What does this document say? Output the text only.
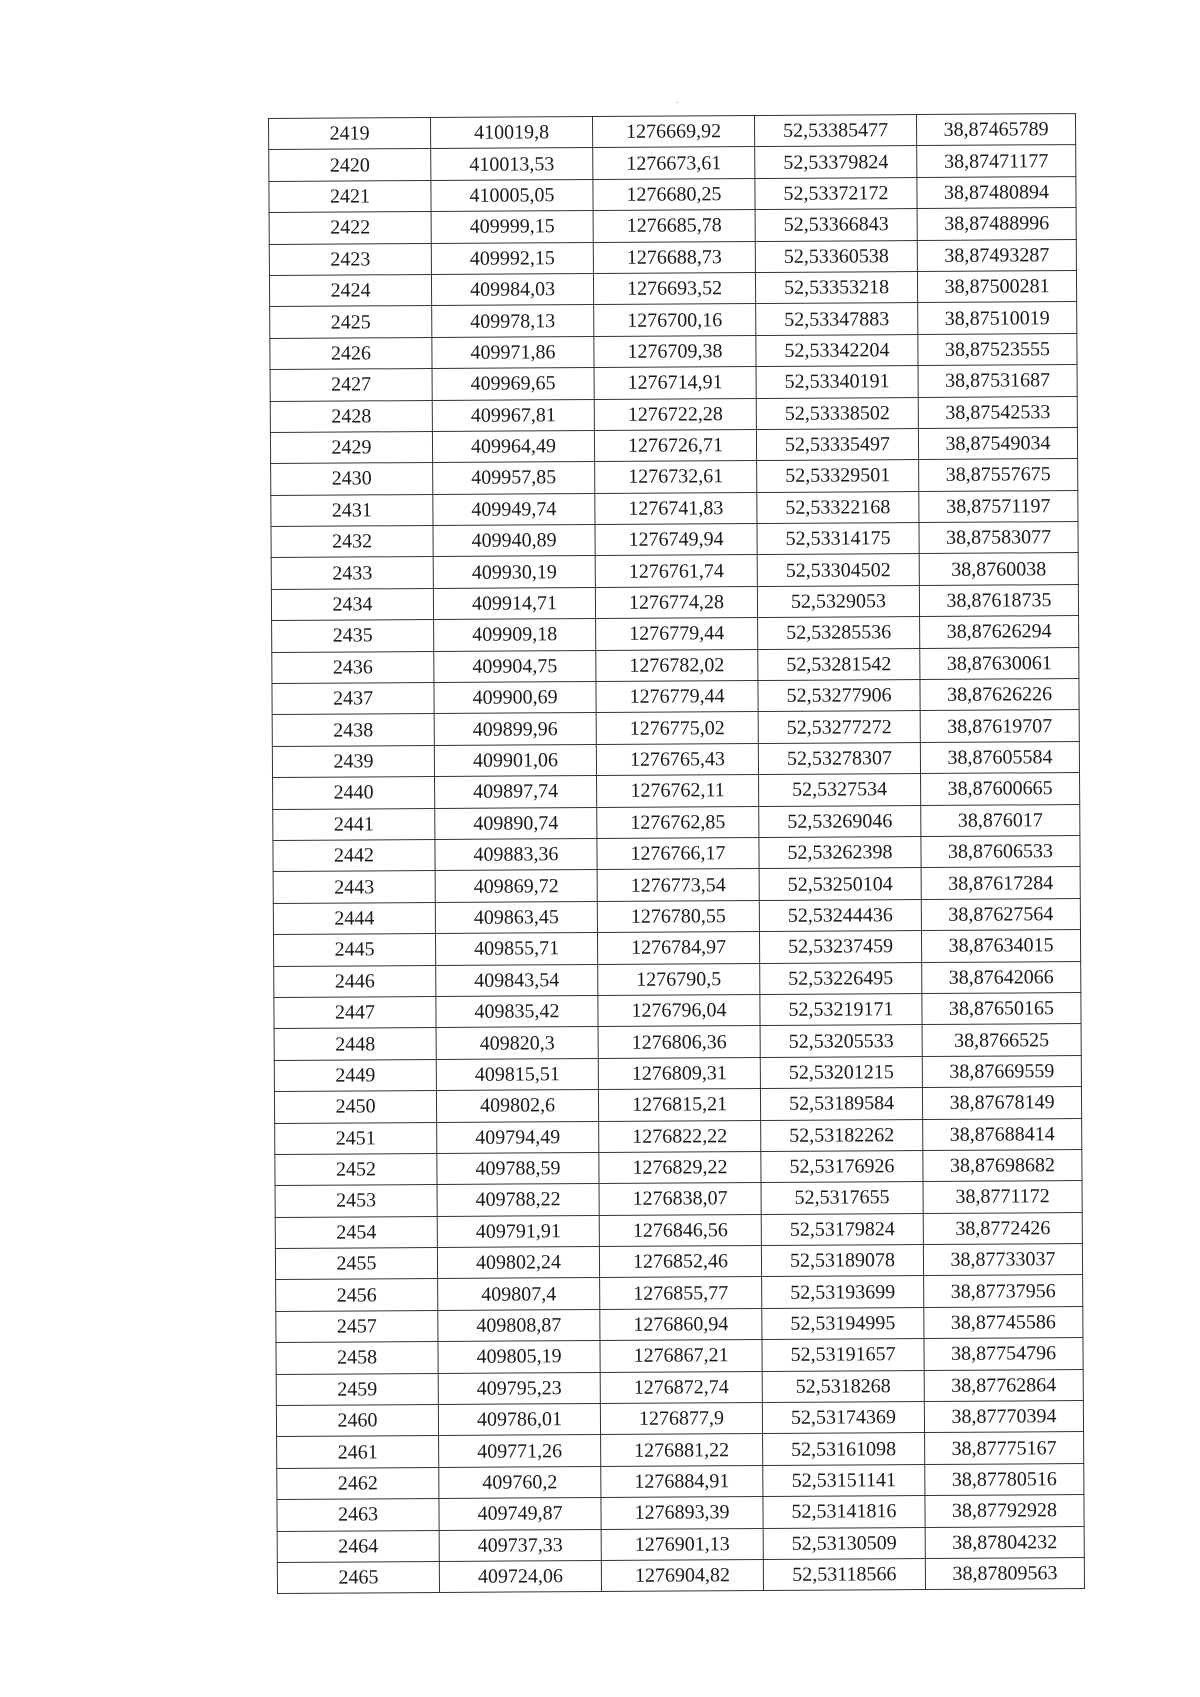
2419	410019,8	1276669,92	52,53385477	38,87465789
2420	410013,53	1276673,61	52,53379824	38,87471177
2421	410005,05	1276680,25	52,53372172	38,87480894
2422	409999,15	1276685,78	52,53366843	38,87488996
2423	409992,15	1276688,73	52,53360538	38,87493287
2424	409984,03	1276693,52	52,53353218	38,87500281
2425	409978,13	1276700,16	52,53347883	38,87510019
2426	409971,86	1276709,38	52,53342204	38,87523555
2427	409969,65	1276714,91	52,53340191	38,87531687
2428	409967,81	1276722,28	52,53338502	38,87542533
2429	409964,49	1276726,71	52,53335497	38,87549034
2430	409957,85	1276732,61	52,53329501	38,87557675
2431	409949,74	1276741,83	52,53322168	38,87571197
2432	409940,89	1276749,94	52,53314175	38,87583077
2433	409930,19	1276761,74	52,53304502	38,8760038
2434	409914,71	1276774,28	52,5329053	38,87618735
2435	409909,18	1276779,44	52,53285536	38,87626294
2436	409904,75	1276782,02	52,53281542	38,87630061
2437	409900,69	1276779,44	52,53277906	38,87626226
2438	409899,96	1276775,02	52,53277272	38,87619707
2439	409901,06	1276765,43	52,53278307	38,87605584
2440	409897,74	1276762,11	52,5327534	38,87600665
2441	409890,74	1276762,85	52,53269046	38,876017
2442	409883,36	1276766,17	52,53262398	38,87606533
2443	409869,72	1276773,54	52,53250104	38,87617284
2444	409863,45	1276780,55	52,53244436	38,87627564
2445	409855,71	1276784,97	52,53237459	38,87634015
2446	409843,54	1276790,5	52,53226495	38,87642066
2447	409835,42	1276796,04	52,53219171	38,87650165
2448	409820,3	1276806,36	52,53205533	38,8766525
2449	409815,51	1276809,31	52,53201215	38,87669559
2450	409802,6	1276815,21	52,53189584	38,87678149
2451	409794,49	1276822,22	52,53182262	38,87688414
2452	409788,59	1276829,22	52,53176926	38,87698682
2453	409788,22	1276838,07	52,5317655	38,8771172
2454	409791,91	1276846,56	52,53179824	38,8772426
2455	409802,24	1276852,46	52,53189078	38,87733037
2456	409807,4	1276855,77	52,53193699	38,87737956
2457	409808,87	1276860,94	52,53194995	38,87745586
2458	409805,19	1276867,21	52,53191657	38,87754796
2459	409795,23	1276872,74	52,5318268	38,87762864
2460	409786,01	1276877,9	52,53174369	38,87770394
2461	409771,26	1276881,22	52,53161098	38,87775167
2462	409760,2	1276884,91	52,53151141	38,87780516
2463	409749,87	1276893,39	52,53141816	38,87792928
2464	409737,33	1276901,13	52,53130509	38,87804232
2465	409724,06	1276904,82	52,53118566	38,87809563
